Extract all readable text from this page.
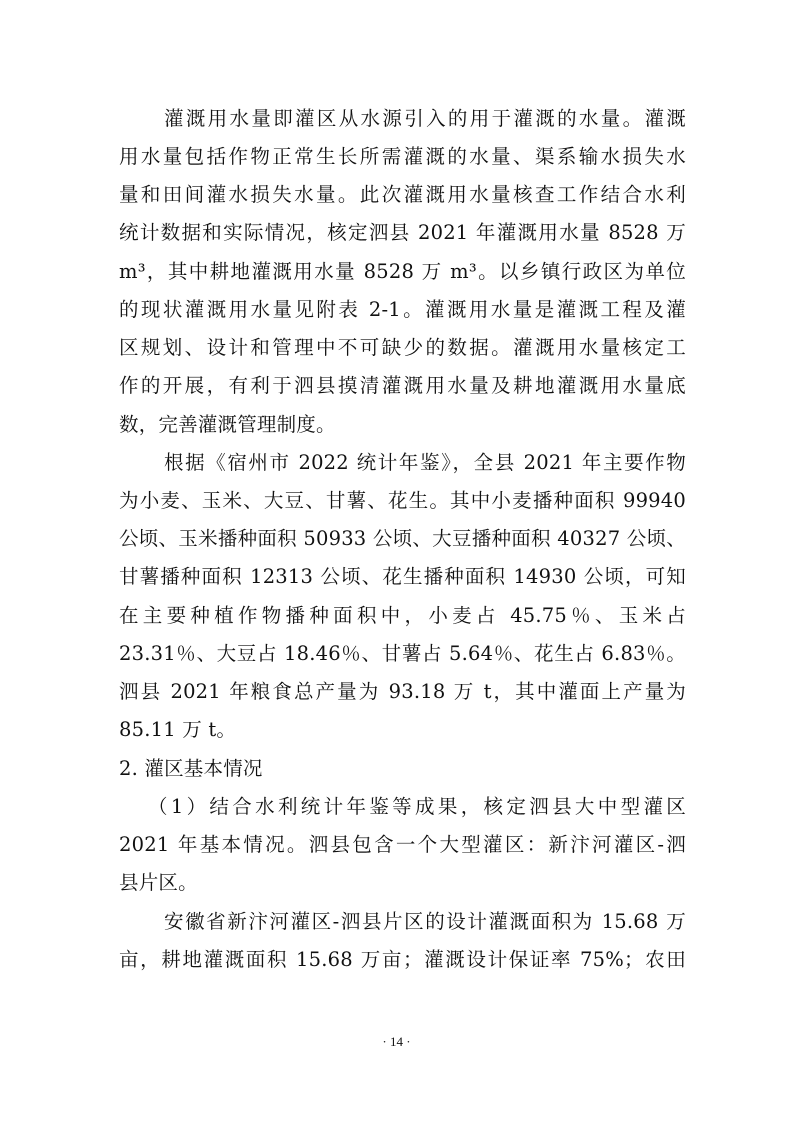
灌溉用水量即灌区从水源引入的用于灌溉的水量。灌溉
用水量包括作物正常生长所需灌溉的水量、渠系输水损失水
量和田间灌水损失水量。此次灌溉用水量核查工作结合水利
统计数据和实际情况，核定泗县 2021 年灌溉用水量 8528 万
m³，其中耕地灌溉用水量 8528 万 m³。以乡镇行政区为单位
的现状灌溉用水量见附表 2-1。灌溉用水量是灌溉工程及灌
区规划、设计和管理中不可缺少的数据。灌溉用水量核定工
作的开展，有利于泗县摸清灌溉用水量及耕地灌溉用水量底
数，完善灌溉管理制度。
根据《宿州市 2022 统计年鉴》，全县 2021 年主要作物
为小麦、玉米、大豆、甘薯、花生。其中小麦播种面积 99940
公顷、玉米播种面积 50933 公顷、大豆播种面积 40327 公顷、
甘薯播种面积 12313 公顷、花生播种面积 14930 公顷，可知
在主要种植作物播种面积中，小麦占 45.75％、玉米占
23.31％、大豆占 18.46％、甘薯占 5.64％、花生占 6.83％。
泗县 2021 年粮食总产量为 93.18 万 t，其中灌面上产量为
85.11 万 t。
2. 灌区基本情况
（1）结合水利统计年鉴等成果，核定泗县大中型灌区
2021 年基本情况。泗县包含一个大型灌区：新汴河灌区-泗
县片区。
安徽省新汴河灌区-泗县片区的设计灌溉面积为 15.68 万
亩，耕地灌溉面积 15.68 万亩；灌溉设计保证率 75%；农田
· 14 ·
